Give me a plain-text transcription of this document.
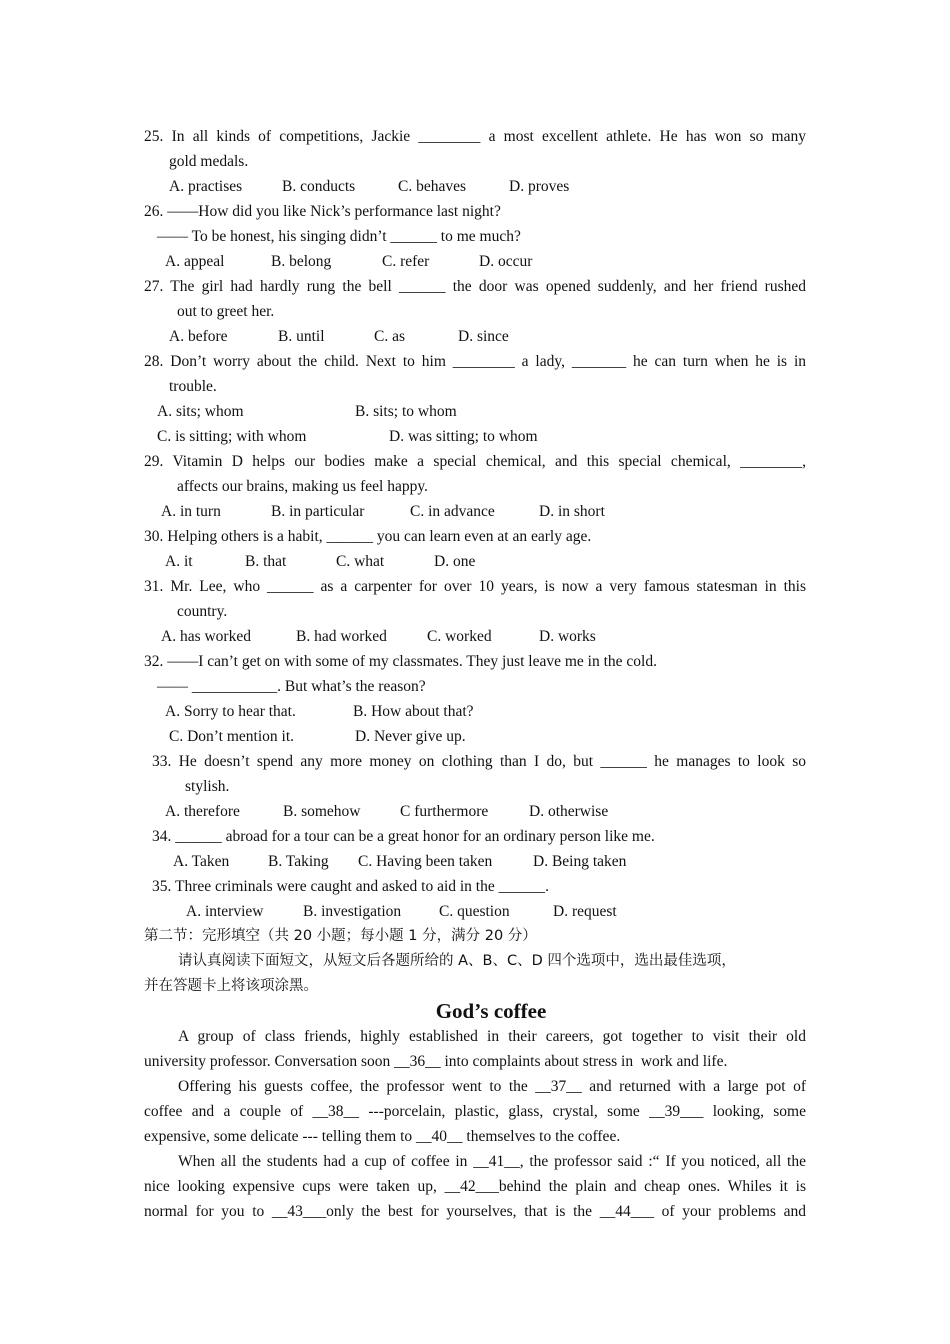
25. In all kinds of competitions, Jackie ________ a most excellent athlete. He has won so many
gold medals.
A. practises	B. conducts	C. behaves	D. proves
26. ——How did you like Nick’s performance last night?
—— To be honest, his singing didn’t ______ to me much?
A. appeal	B. belong	C. refer	D. occur
27. The girl had hardly rung the bell ______ the door was opened suddenly, and her friend rushed
out to greet her.
A. before	B. until	C. as	D. since
28. Don’t worry about the child. Next to him ________ a lady, _______ he can turn when he is in
trouble.
A. sits; whom	B. sits; to whom
C. is sitting; with whom	D. was sitting; to whom
29. Vitamin D helps our bodies make a special chemical, and this special chemical, ________,
affects our brains, making us feel happy.
A. in turn	B. in particular	C. in advance	D. in short
30. Helping others is a habit, ______ you can learn even at an early age.
A. it	B. that	C. what	D. one
31. Mr. Lee, who ______ as a carpenter for over 10 years, is now a very famous statesman in this
country.
A. has worked	B. had worked	C. worked	D. works
32. ——I can’t get on with some of my classmates. They just leave me in the cold.
—— ___________. But what’s the reason?
A. Sorry to hear that.	B. How about that?
C. Don’t mention it.	D. Never give up.
33. He doesn’t spend any more money on clothing than I do, but ______ he manages to look so
stylish.
A. therefore	B. somehow	C furthermore	D. otherwise
34. ______ abroad for a tour can be a great honor for an ordinary person like me.
A. Taken B. Taking C. Having been taken	D. Being taken
35. Three criminals were caught and asked to aid in the ______.
A. interview	B. investigation C. question	D. request
第二节：完形填空（共 20 小题；每小题 1 分，满分 20 分）
请认真阅读下面短文，从短文后各题所给的 A、B、C、D 四个选项中，选出最佳选项，
并在答题卡上将该项涂黑。
God’s coffee
A group of class friends, highly established in their careers, got together to visit their old
university professor. Conversation soon __36__ into complaints about stress in  work and life.
Offering his guests coffee, the professor went to the __37__ and returned with a large pot of
coffee and a couple of __38__ ---porcelain, plastic, glass, crystal, some __39___ looking, some
expensive, some delicate --- telling them to __40__ themselves to the coffee.
When all the students had a cup of coffee in __41__, the professor said :“ If you noticed, all the
nice looking expensive cups were taken up, __42___behind the plain and cheap ones. Whiles it is
normal for you to __43___only the best for yourselves, that is the __44___ of your problems and
